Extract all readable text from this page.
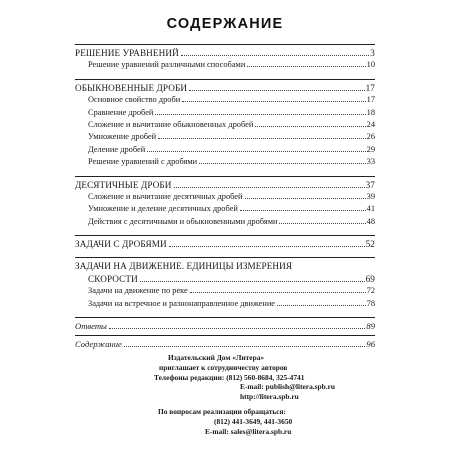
СОДЕРЖАНИЕ
РЕШЕНИЕ УРАВНЕНИЙ	3
Решение уравнений различными способами	10
ОБЫКНОВЕННЫЕ ДРОБИ	17
Основное свойство дроби	17
Сравнение дробей	18
Сложение и вычитание обыкновенных дробей	24
Умножение дробей	26
Деление дробей	29
Решение уравнений с дробями	33
ДЕСЯТИЧНЫЕ ДРОБИ	37
Сложение и вычитание десятичных дробей	39
Умножение и деление десятичных дробей	41
Действия с десятичными и обыкновенными дробями	48
ЗАДАЧИ С ДРОБЯМИ	52
ЗАДАЧИ НА ДВИЖЕНИЕ. ЕДИНИЦЫ ИЗМЕРЕНИЯ
СКОРОСТИ	69
Задачи на движение по реке	72
Задачи на встречное и разнонаправленное движение	78
Ответы	89
Содержание	96
Издательский Дом «Литера»
приглашает к сотрудничеству авторов
Телефоны редакции: (812) 560-8684, 325-4741
E-mail: publish@litera.spb.ru
http://litera.spb.ru
По вопросам реализации обращаться:
(812) 441-3649, 441-3650
E-mail: sales@litera.spb.ru
